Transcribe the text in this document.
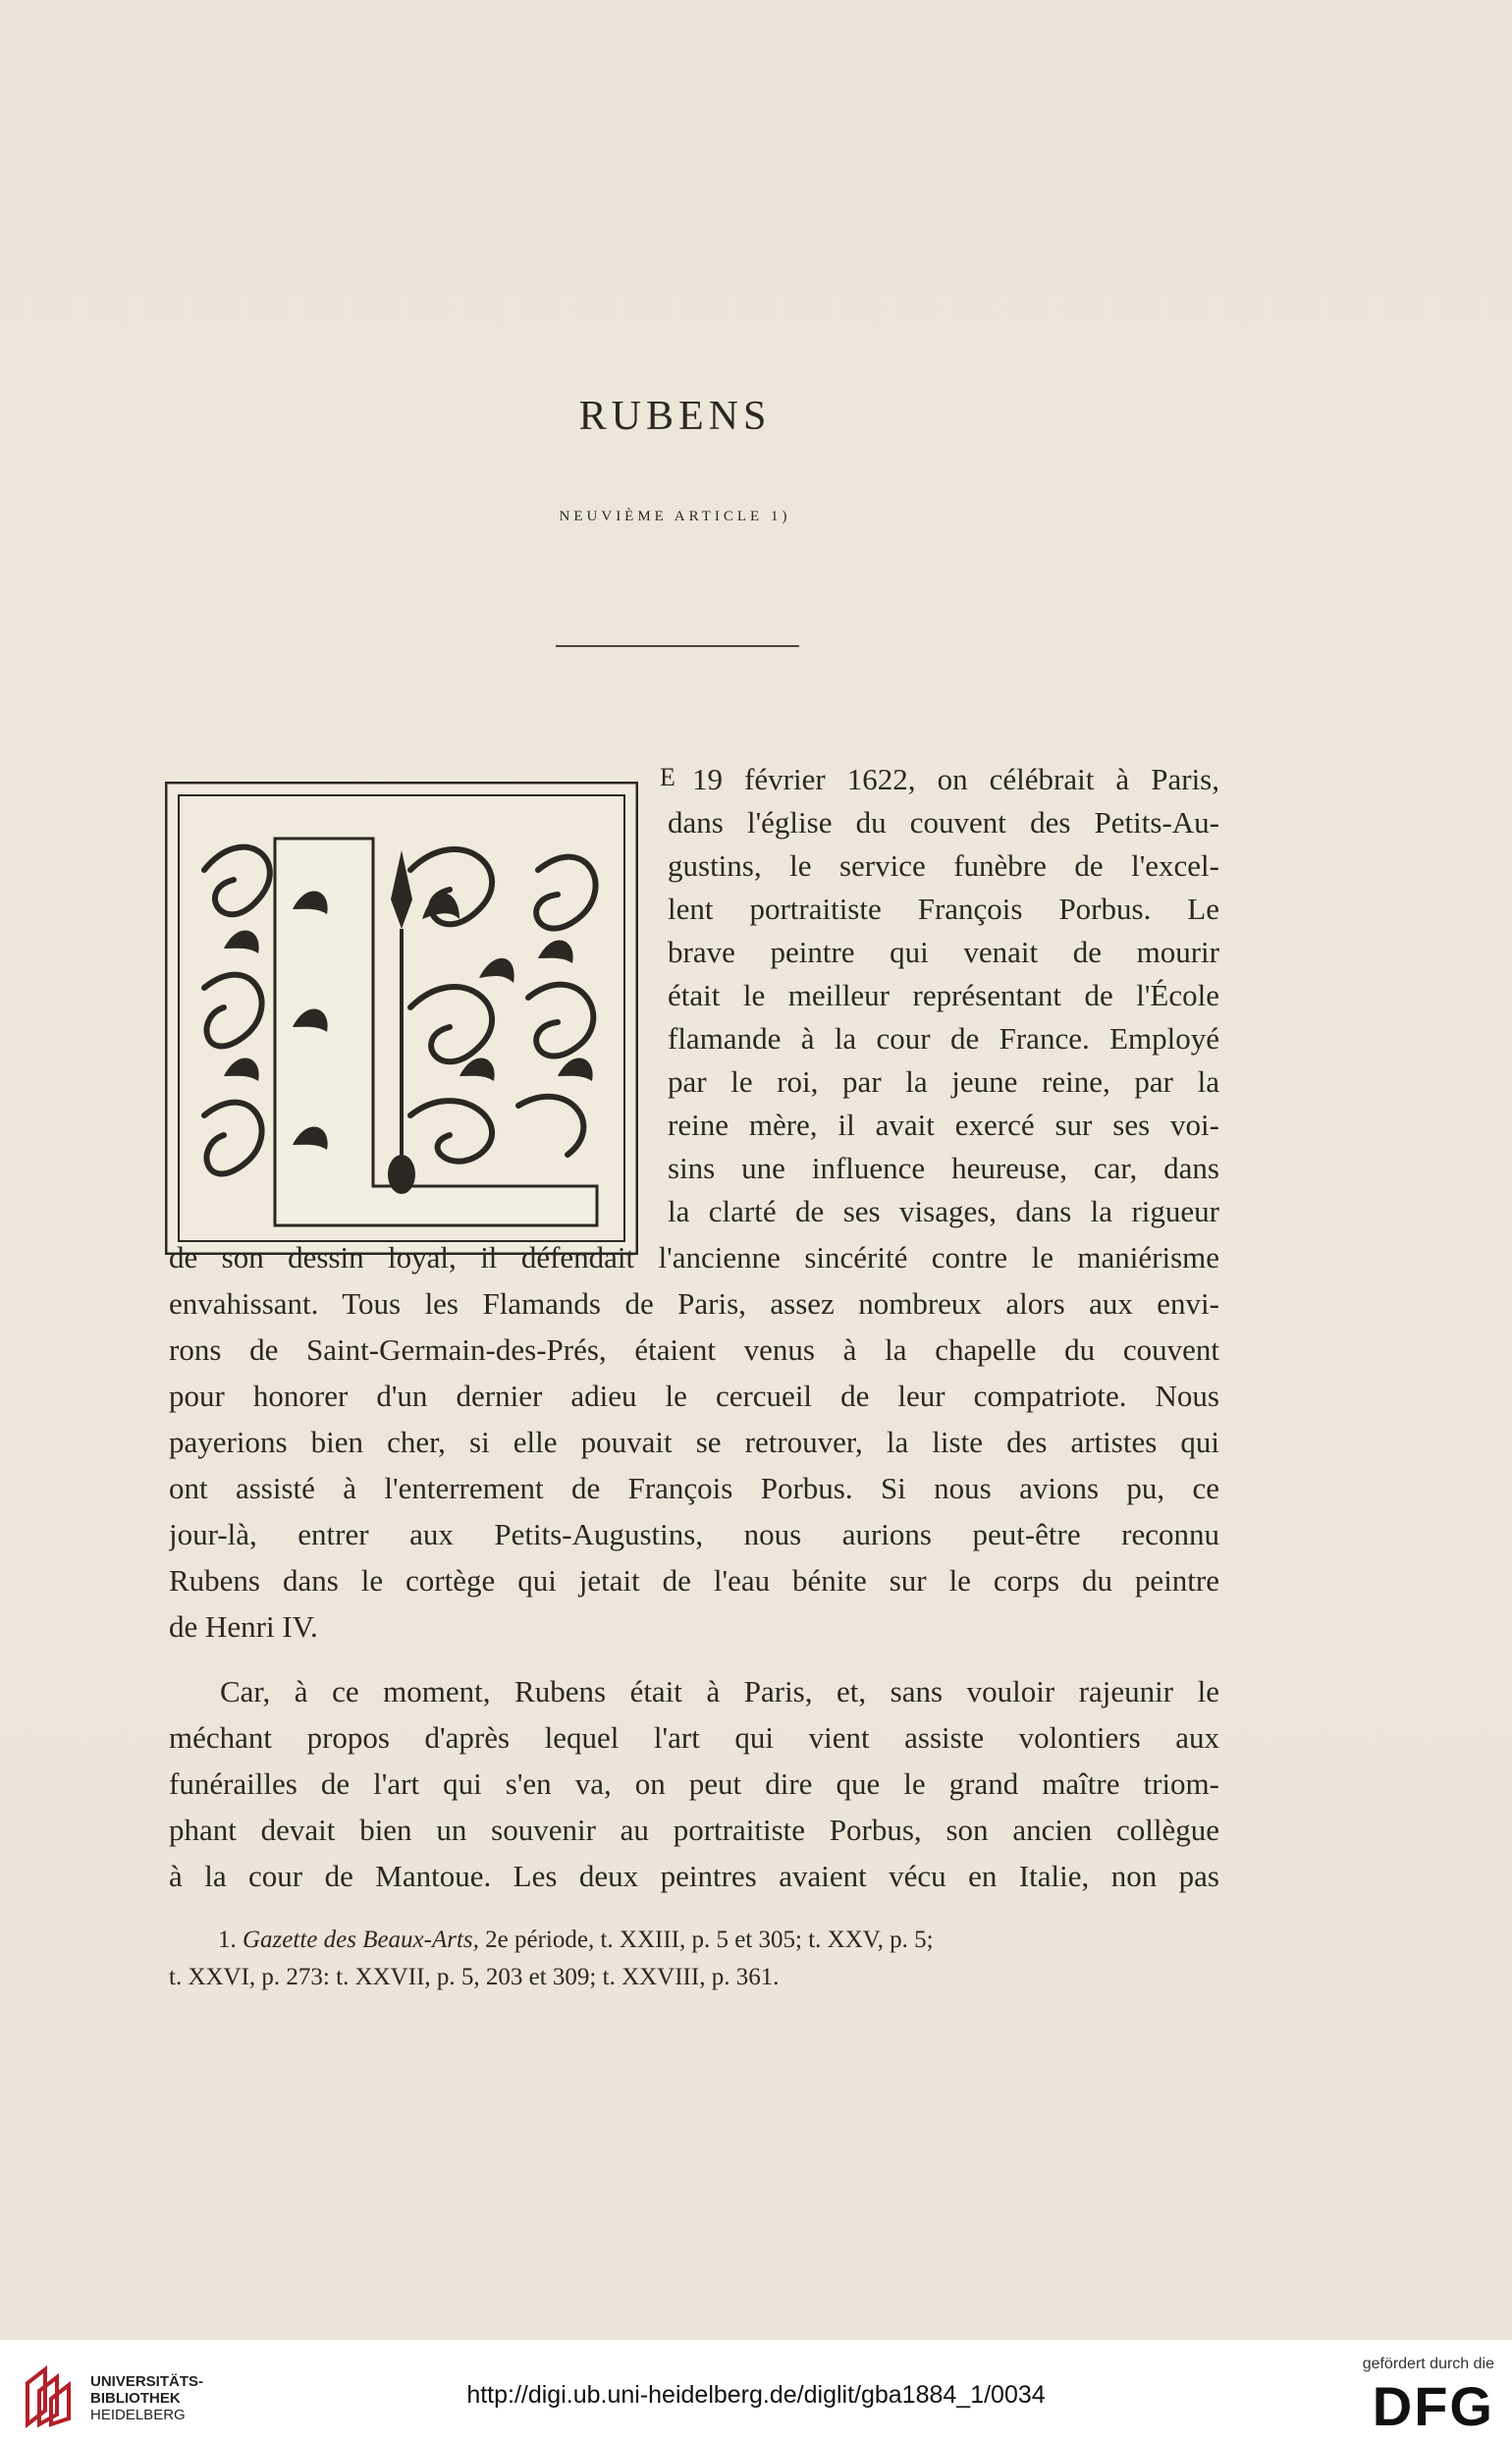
RUBENS
NEUVIÈME ARTICLE 1)
E 19 février 1622, on célébrait à Paris,
dans l'église du couvent des Petits-Au-
gustins, le service funèbre de l'excel-
lent portraitiste François Porbus. Le
brave peintre qui venait de mourir
était le meilleur représentant de l'École
flamande à la cour de France. Employé
par le roi, par la jeune reine, par la
reine mère, il avait exercé sur ses voi-
sins une influence heureuse, car, dans
la clarté de ses visages, dans la rigueur
de son dessin loyal, il défendait l'ancienne sincérité contre le maniérisme
envahissant. Tous les Flamands de Paris, assez nombreux alors aux envi-
rons de Saint-Germain-des-Prés, étaient venus à la chapelle du couvent
pour honorer d'un dernier adieu le cercueil de leur compatriote. Nous
payerions bien cher, si elle pouvait se retrouver, la liste des artistes qui
ont assisté à l'enterrement de François Porbus. Si nous avions pu, ce
jour-là, entrer aux Petits-Augustins, nous aurions peut-être reconnu
Rubens dans le cortège qui jetait de l'eau bénite sur le corps du peintre
de Henri IV.
Car, à ce moment, Rubens était à Paris, et, sans vouloir rajeunir le
méchant propos d'après lequel l'art qui vient assiste volontiers aux
funérailles de l'art qui s'en va, on peut dire que le grand maître triom-
phant devait bien un souvenir au portraitiste Porbus, son ancien collègue
à la cour de Mantoue. Les deux peintres avaient vécu en Italie, non pas
1. Gazette des Beaux-Arts, 2e période, t. XXIII, p. 5 et 305; t. XXV, p. 5;
t. XXVI, p. 273: t. XXVII, p. 5, 203 et 309; t. XXVIII, p. 361.
UNIVERSITÄTS-
BIBLIOTHEK
HEIDELBERG
http://digi.ub.uni-heidelberg.de/diglit/gba1884_1/0034
gefördert durch die
DFG
